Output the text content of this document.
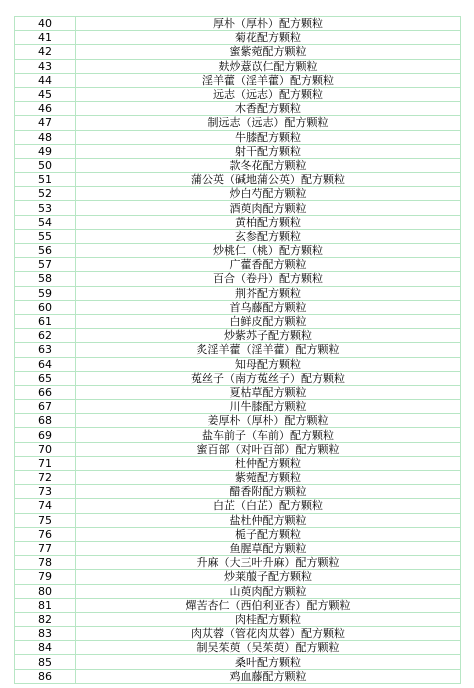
40	厚朴（厚朴）配方颗粒
41	菊花配方颗粒
42	蜜紫菀配方颗粒
43	麸炒薏苡仁配方颗粒
44	淫羊藿（淫羊藿）配方颗粒
45	远志（远志）配方颗粒
46	木香配方颗粒
47	制远志（远志）配方颗粒
48	牛膝配方颗粒
49	射干配方颗粒
50	款冬花配方颗粒
51	蒲公英（碱地蒲公英）配方颗粒
52	炒白芍配方颗粒
53	酒萸肉配方颗粒
54	黄柏配方颗粒
55	玄参配方颗粒
56	炒桃仁（桃）配方颗粒
57	广藿香配方颗粒
58	百合（卷丹）配方颗粒
59	荆芥配方颗粒
60	首乌藤配方颗粒
61	白鲜皮配方颗粒
62	炒紫苏子配方颗粒
63	炙淫羊藿（淫羊藿）配方颗粒
64	知母配方颗粒
65	菟丝子（南方菟丝子）配方颗粒
66	夏枯草配方颗粒
67	川牛膝配方颗粒
68	姜厚朴（厚朴）配方颗粒
69	盐车前子（车前）配方颗粒
70	蜜百部（对叶百部）配方颗粒
71	杜仲配方颗粒
72	紫菀配方颗粒
73	醋香附配方颗粒
74	白芷（白芷）配方颗粒
75	盐杜仲配方颗粒
76	栀子配方颗粒
77	鱼腥草配方颗粒
78	升麻（大三叶升麻）配方颗粒
79	炒莱菔子配方颗粒
80	山萸肉配方颗粒
81	燀苦杏仁（西伯利亚杏）配方颗粒
82	肉桂配方颗粒
83	肉苁蓉（管花肉苁蓉）配方颗粒
84	制吴茱萸（吴茱萸）配方颗粒
85	桑叶配方颗粒
86	鸡血藤配方颗粒
